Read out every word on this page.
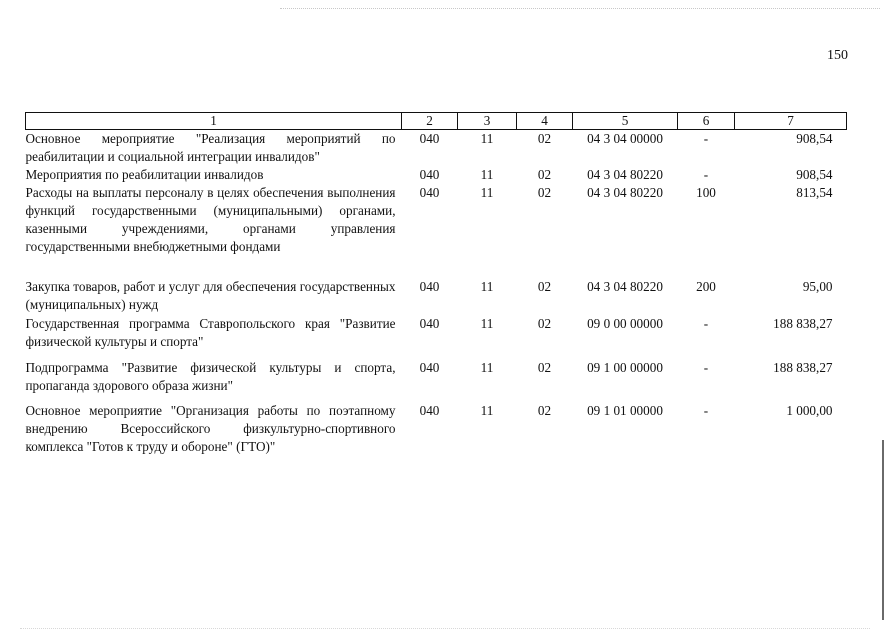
150
1	2	3	4	5	6	7
Основное мероприятие "Реализация мероприятий по реабилитации и социальной интеграции инвалидов"	040	11	02	04 3 04 00000	-	908,54
Мероприятия по реабилитации инвалидов	040	11	02	04 3 04 80220	-	908,54
Расходы на выплаты персоналу в целях обеспечения выполнения функций государственными (муниципальными) органами, казенными учреждениями, органами управления государственными внебюджетными фондами	040	11	02	04 3 04 80220	100	813,54
Закупка товаров, работ и услуг для обеспечения государственных (муниципальных) нужд	040	11	02	04 3 04 80220	200	95,00
Государственная программа Ставропольского края "Развитие физической культуры и спорта"	040	11	02	09 0 00 00000	-	188 838,27
Подпрограмма "Развитие физической культуры и спорта, пропаганда здорового образа жизни"	040	11	02	09 1 00 00000	-	188 838,27
Основное мероприятие "Организация работы по поэтапному внедрению Всероссийского физкультурно-спортивного комплекса "Готов к труду и обороне" (ГТО)"	040	11	02	09 1 01 00000	-	1 000,00
